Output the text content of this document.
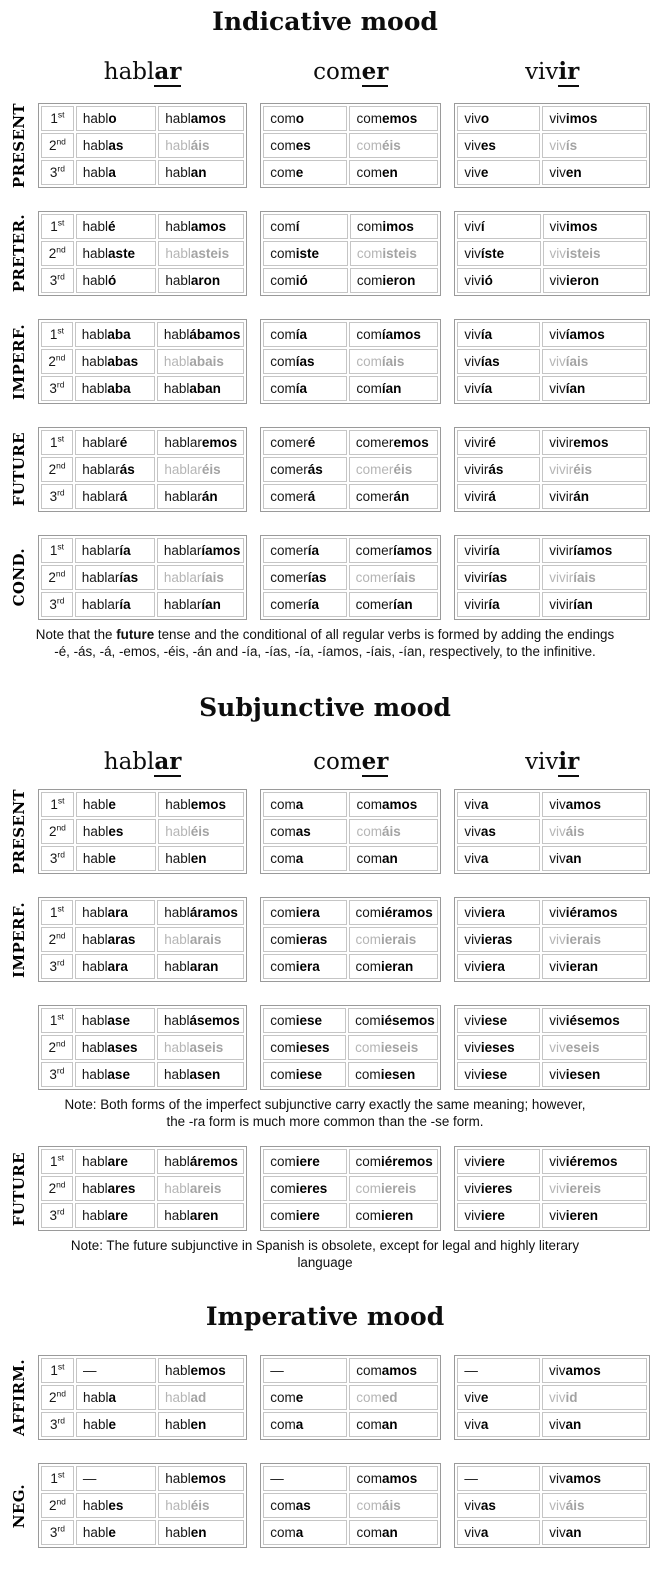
Indicative mood
hablar	comer	vivir
PRESENT 1st	hablo	hablamos
2nd	hablas	habláis
3rd	habla	hablan
como	comemos
comes	coméis
come	comen
vivo	vivimos
vives	vivís
vive	viven
PRETER. 1st	hablé	hablamos
2nd	hablaste	hablasteis
3rd	habló	hablaron
comí	comimos
comiste	comisteis
comió	comieron
viví	vivimos
vivíste	vivisteis
vivió	vivieron
IMPERF. 1st	hablaba	hablábamos
2nd	hablabas	hablabais
3rd	hablaba	hablaban
comía	comíamos
comías	comíais
comía	comían
vivía	vivíamos
vivías	vivíais
vivía	vivían
FUTURE 1st	hablaré	hablaremos
2nd	hablarás	hablaréis
3rd	hablará	hablarán
comeré	comeremos
comerás	comeréis
comerá	comerán
viviré	viviremos
vivirás	viviréis
vivirá	vivirán
COND. 1st	hablaría	hablaríamos
2nd	hablarías	hablaríais
3rd	hablaría	hablarían
comería	comeríamos
comerías	comeríais
comería	comerían
viviría	viviríamos
vivirías	viviríais
viviría	vivirían
Note that the future tense and the conditional of all regular verbs is formed by adding the endings
-é, -ás, -á, -emos, -éis, -án and -ía, -ías, -ía, -íamos, -íais, -ían, respectively, to the infinitive.
Subjunctive mood
hablar	comer	vivir
PRESENT 1st	hable	hablemos
2nd	hables	habléis
3rd	hable	hablen
coma	comamos
comas	comáis
coma	coman
viva	vivamos
vivas	viváis
viva	vivan
IMPERF. 1st	hablara	habláramos
2nd	hablaras	hablarais
3rd	hablara	hablaran
comiera	comiéramos
comieras	comierais
comiera	comieran
viviera	viviéramos
vivieras	vivierais
viviera	vivieran
1st	hablase	hablásemos
2nd	hablases	hablaseis
3rd	hablase	hablasen
comiese	comiésemos
comieses	comieseis
comiese	comiesen
viviese	viviésemos
vivieses	viveseis
viviese	viviesen
Note: Both forms of the imperfect subjunctive carry exactly the same meaning; however,
the -ra form is much more common than the -se form.
FUTURE 1st	hablare	habláremos
2nd	hablares	hablareis
3rd	hablare	hablaren
comiere	comiéremos
comieres	comiereis
comiere	comieren
viviere	viviéremos
vivieres	viviereis
viviere	vivieren
Note: The future subjunctive in Spanish is obsolete, except for legal and highly literary
language
Imperative mood
AFFIRM. 1st	—	hablemos
2nd	habla	hablad
3rd	hable	hablen
—	comamos
come	comed
coma	coman
—	vivamos
vive	vivid
viva	vivan
NEG.
1st	—	hablemos
2nd	hables	habléis
3rd	hable	hablen
—	comamos
comas	comáis
coma	coman
—	vivamos
vivas	viváis
viva	vivan
